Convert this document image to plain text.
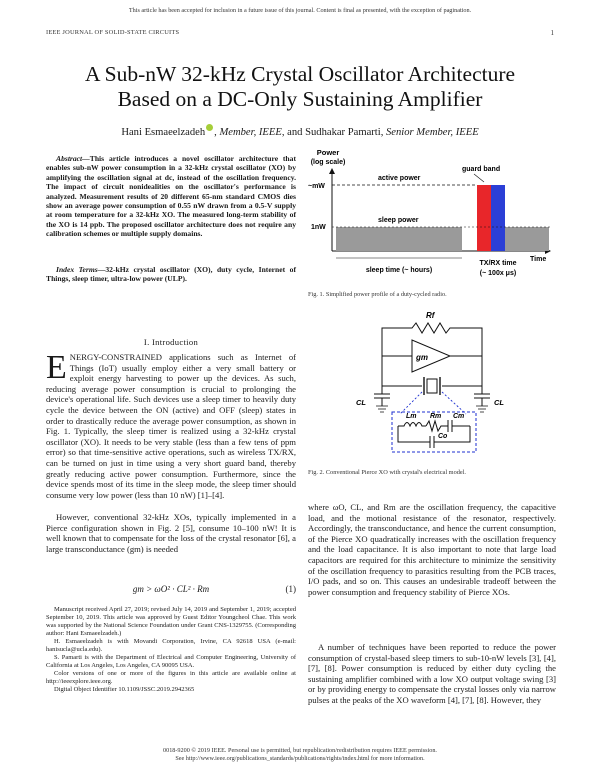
This article has been accepted for inclusion in a future issue of this journal. Content is final as presented, with the exception of pagination.
IEEE JOURNAL OF SOLID-STATE CIRCUITS	1
A Sub-nW 32-kHz Crystal Oscillator Architecture
Based on a DC-Only Sustaining Amplifier
Hani Esmaeelzadeh , Member, IEEE, and Sudhakar Pamarti, Senior Member, IEEE
Abstract—This article introduces a novel oscillator architecture that enables sub-nW power consumption in a 32-kHz crystal oscillator (XO) by amplifying the oscillation signal at dc, instead of the oscillation frequency. The impact of circuit nonidealities on the oscillator's performance is analyzed. Measurement results of 20 different 65-nm standard CMOS dies show an average power consumption of 0.55 nW drawn from a 0.5-V supply at room temperature for a 32-kHz XO. The measured long-term stability of the XO is 14 ppb. The proposed oscillator architecture does not require any calibration schemes or multiple supply domains.
Index Terms—32-kHz crystal oscillator (XO), duty cycle, Internet of Things, sleep timer, ultra-low power (ULP).
I. Introduction
ENERGY-CONSTRAINED applications such as Internet of Things (IoT) usually employ either a very small battery or exploit energy harvesting to power up the devices. As such, reducing average power consumption is crucial to prolonging the device's operational life. Such devices use a sleep timer to heavily duty cycle the device between the ON (active) and OFF (sleep) states in order to drastically reduce the average power consumption, as shown in Fig. 1. Typically, the sleep timer is realized using a 32-kHz crystal oscillator (XO). It needs to be very stable (less than a few tens of ppm error) so that time-sensitive active operations, such as wireless TX/RX, can be turned on just in time using a very short guard band, thereby greatly reducing active power consumption. Furthermore, since the device spends most of its time in the sleep mode, the sleep timer should consume very low power (less than 10 nW) [1]–[4].
However, conventional 32-kHz XOs, typically implemented in a Pierce configuration shown in Fig. 2 [5], consume 10–100 nW! It is well known that to compensate for the loss of the crystal resonator [6], a large transconductance (gm) is needed
gm > ωO² · CL² · Rm	(1)

Manuscript received April 27, 2019; revised July 14, 2019 and September 1, 2019; accepted September 10, 2019. This article was approved by Guest Editor Youngcheol Chae. This work was supported by the National Science Foundation under Grant CNS-1329755. (Corresponding author: Hani Esmaeelzadeh.)

H. Esmaeelzadeh is with Movandi Corporation, Irvine, CA 92618 USA (e-mail: hanisucla@ucla.edu).

S. Pamarti is with the Department of Electrical and Computer Engineering, University of California at Los Angeles, Los Angeles, CA 90095 USA.

Color versions of one or more of the figures in this article are available online at http://ieeexplore.ieee.org.

Digital Object Identifier 10.1109/JSSC.2019.2942365

Power
(log scale)
~mW
1nW
active power
guard band
sleep power
Time
sleep time (~ hours)
TX/RX time
(~ 100x μs)
Fig. 1. Simplified power profile of a duty-cycled radio.
Rf
gm
CL	CL
Lm Rm Cm
Co
Fig. 2. Conventional Pierce XO with crystal's electrical model.
where ωO, CL, and Rm are the oscillation frequency, the capacitive load, and the motional resistance of the resonator, respectively. Accordingly, the transconductance, and hence the current consumption, of the Pierce XO quadratically increases with the oscillation frequency and the load capacitance. It is also important to note that large load capacitors are required for this architecture to minimize the sensitivity of the oscillation frequency to parasitics resulting from the PCB traces, I/O pads, and so on. This causes an undesirable tradeoff between the power consumption and frequency stability of Pierce XOs.
A number of techniques have been reported to reduce the power consumption of crystal-based sleep timers to sub-10-nW levels [3], [4], [7], [8]. Power consumption is reduced by either duty cycling the sustaining amplifier combined with a low XO output voltage swing [3] or by providing energy to compensate the crystal losses only via narrow pulses at the peaks of the XO waveform [4], [7], [8]. However, they
0018-9200 © 2019 IEEE. Personal use is permitted, but republication/redistribution requires IEEE permission.
See http://www.ieee.org/publications_standards/publications/rights/index.html for more information.
